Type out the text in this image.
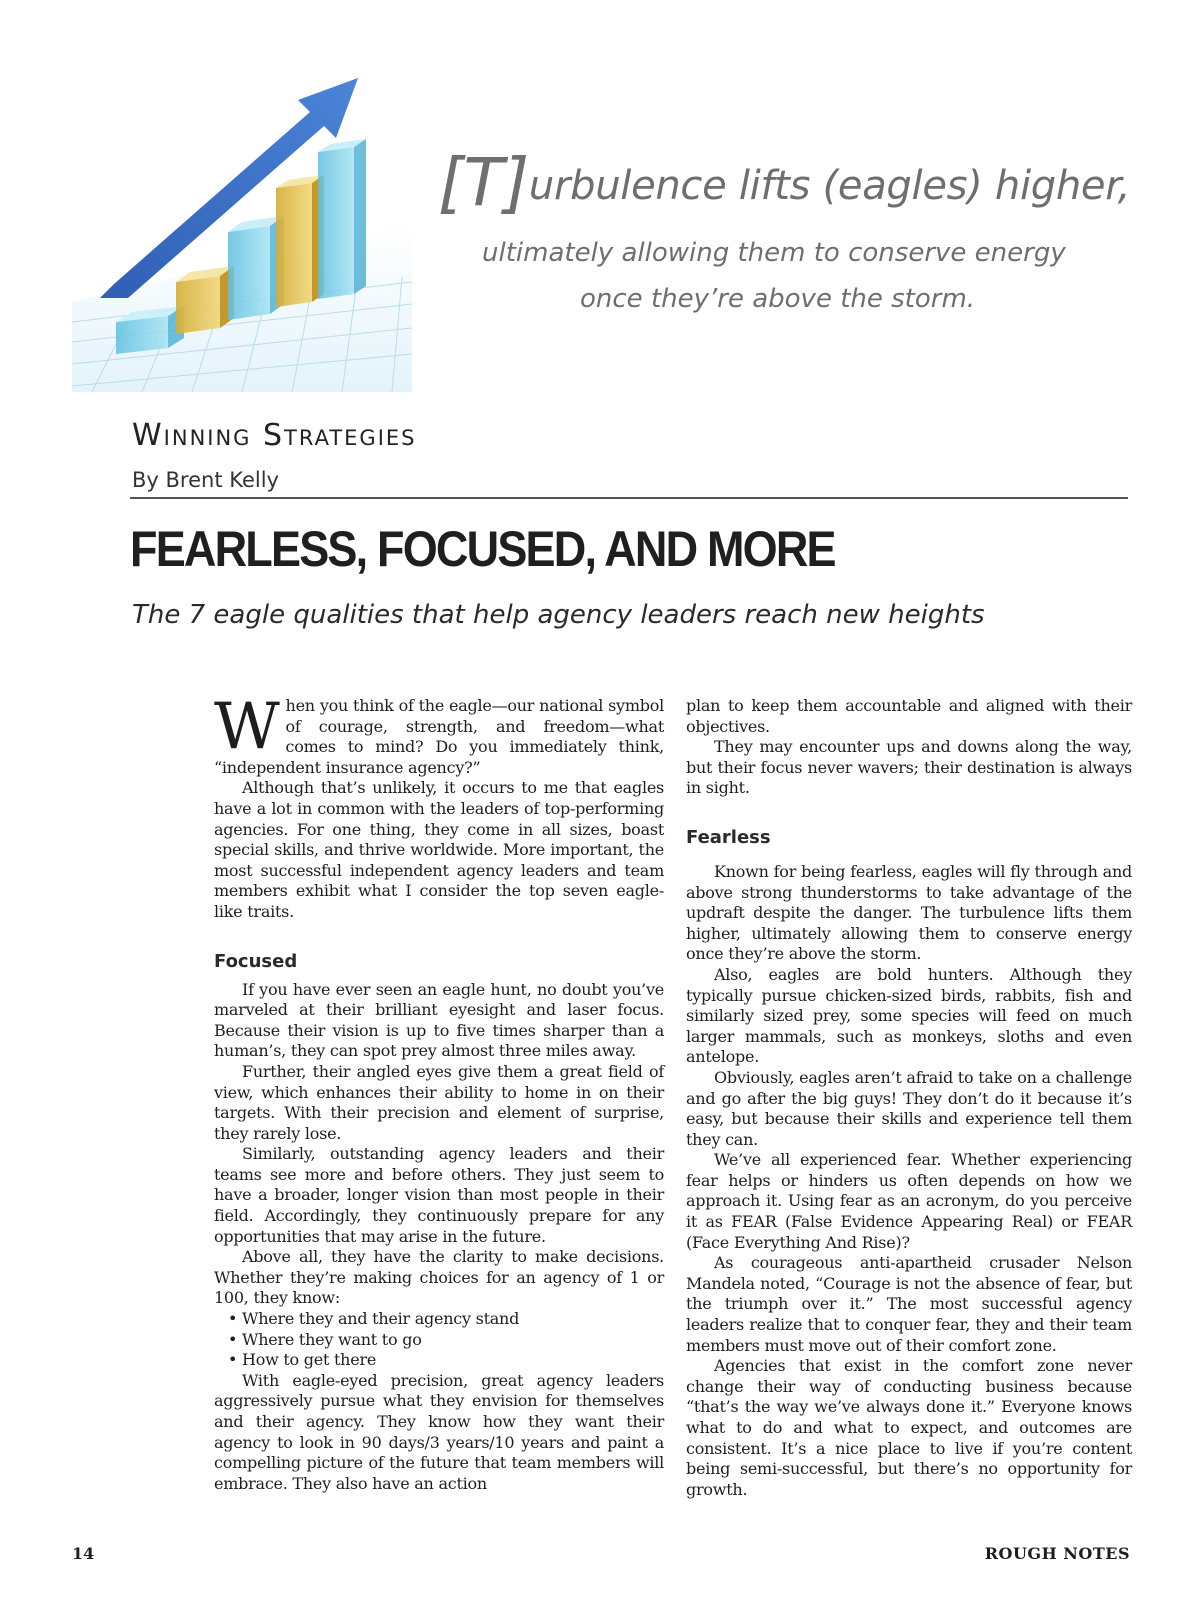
[T]urbulence lifts (eagles) higher,
ultimately allowing them to conserve energy
once they’re above the storm.
Winning Strategies
By Brent Kelly
FEARLESS, FOCUSED, AND MORE
The 7 eagle qualities that help agency leaders reach new heights

When you think of the eagle—our national symbol of courage, strength, and freedom—what comes to mind? Do you immediately think, “independent insurance agency?”

Although that’s unlikely, it occurs to me that eagles have a lot in common with the leaders of top-performing agencies. For one thing, they come in all sizes, boast special skills, and thrive worldwide. More important, the most successful independent agency leaders and team members exhibit what I consider the top seven eagle-like traits.

Focused

If you have ever seen an eagle hunt, no doubt you’ve marveled at their brilliant eyesight and laser focus. Because their vision is up to five times sharper than a human’s, they can spot prey almost three miles away.

Further, their angled eyes give them a great field of view, which enhances their ability to home in on their targets. With their precision and element of surprise, they rarely lose.

Similarly, outstanding agency leaders and their teams see more and before others. They just seem to have a broader, longer vision than most people in their field. Accordingly, they continuously prepare for any opportunities that may arise in the future.

Above all, they have the clarity to make decisions. Whether they’re making choices for an agency of 1 or 100, they know:

• Where they and their agency stand
• Where they want to go
• How to get there

With eagle-eyed precision, great agency leaders aggressively pursue what they envision for themselves and their agency. They know how they want their agency to look in 90 days/3 years/10 years and paint a compelling picture of the future that team members will embrace. They also have an action

plan to keep them accountable and aligned with their objectives.

They may encounter ups and downs along the way, but their focus never wavers; their destination is always in sight.

Fearless

Known for being fearless, eagles will fly through and above strong thunderstorms to take advantage of the updraft despite the danger. The turbulence lifts them higher, ultimately allowing them to conserve energy once they’re above the storm.

Also, eagles are bold hunters. Although they typically pursue chicken-sized birds, rabbits, fish and similarly sized prey, some species will feed on much larger mammals, such as monkeys, sloths and even antelope.

Obviously, eagles aren’t afraid to take on a challenge and go after the big guys! They don’t do it because it’s easy, but because their skills and experience tell them they can.

We’ve all experienced fear. Whether experiencing fear helps or hinders us often depends on how we approach it. Using fear as an acronym, do you perceive it as FEAR (False Evidence Appearing Real) or FEAR (Face Everything And Rise)?

As courageous anti-apartheid crusader Nelson Mandela noted, “Courage is not the absence of fear, but the triumph over it.” The most successful agency leaders realize that to conquer fear, they and their team members must move out of their comfort zone.

Agencies that exist in the comfort zone never change their way of conducting business because “that’s the way we’ve always done it.” Everyone knows what to do and what to expect, and outcomes are consistent. It’s a nice place to live if you’re content being semi-successful, but there’s no opportunity for growth.

14	ROUGH NOTES
